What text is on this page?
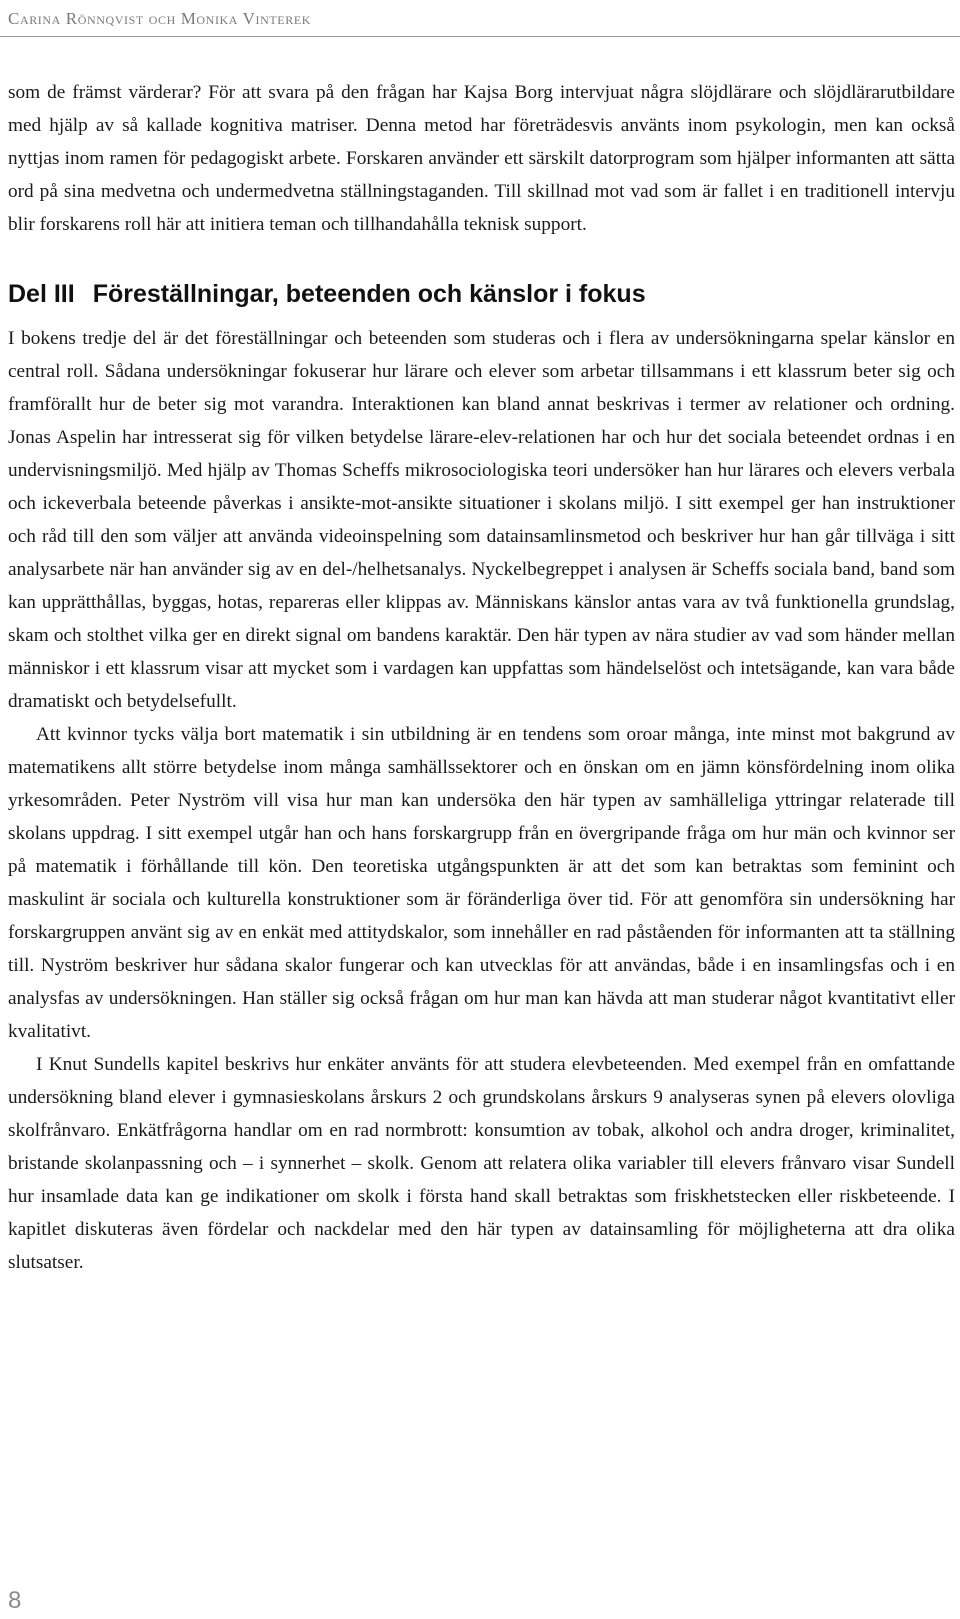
Carina Rönnqvist och Monika Vinterek

som de främst värderar? För att svara på den frågan har Kajsa Borg intervjuat några slöjdlärare och slöjdlärarutbildare med hjälp av så kallade kognitiva matriser. Denna metod har företrädesvis använts inom psykologin, men kan också nyttjas inom ramen för pedagogiskt arbete. Forskaren använder ett särskilt datorprogram som hjälper informanten att sätta ord på sina medvetna och undermedvetna ställningstaganden. Till skillnad mot vad som är fallet i en traditionell intervju blir forskarens roll här att initiera teman och tillhandahålla teknisk support.

Del III Föreställningar, beteenden och känslor i fokus

I bokens tredje del är det föreställningar och beteenden som studeras och i flera av undersökningarna spelar känslor en central roll. Sådana undersökningar fokuserar hur lärare och elever som arbetar tillsammans i ett klassrum beter sig och framförallt hur de beter sig mot varandra. Interaktionen kan bland annat beskrivas i termer av relationer och ordning. Jonas Aspelin har intresserat sig för vilken betydelse lärare-elev-relationen har och hur det sociala beteendet ordnas i en undervisningsmiljö. Med hjälp av Thomas Scheffs mikrosociologiska teori undersöker han hur lärares och elevers verbala och ickeverbala beteende påverkas i ansikte-mot-ansikte situationer i skolans miljö. I sitt exempel ger han instruktioner och råd till den som väljer att använda videoinspelning som datainsamlinsmetod och beskriver hur han går tillväga i sitt analysarbete när han använder sig av en del-/helhetsanalys. Nyckelbegreppet i analysen är Scheffs sociala band, band som kan upprätthållas, byggas, hotas, repareras eller klippas av. Människans känslor antas vara av två funktionella grundslag, skam och stolthet vilka ger en direkt signal om bandens karaktär. Den här typen av nära studier av vad som händer mellan människor i ett klassrum visar att mycket som i vardagen kan uppfattas som händelselöst och intetsägande, kan vara både dramatiskt och betydelsefullt.

Att kvinnor tycks välja bort matematik i sin utbildning är en tendens som oroar många, inte minst mot bakgrund av matematikens allt större betydelse inom många samhällssektorer och en önskan om en jämn könsfördelning inom olika yrkesområden. Peter Nyström vill visa hur man kan undersöka den här typen av samhälleliga yttringar relaterade till skolans uppdrag. I sitt exempel utgår han och hans forskargrupp från en övergripande fråga om hur män och kvinnor ser på matematik i förhållande till kön. Den teoretiska utgångspunkten är att det som kan betraktas som feminint och maskulint är sociala och kulturella konstruktioner som är föränderliga över tid. För att genomföra sin undersökning har forskargruppen använt sig av en enkät med attitydskalor, som innehåller en rad påståenden för informanten att ta ställning till. Nyström beskriver hur sådana skalor fungerar och kan utvecklas för att användas, både i en insamlingsfas och i en analysfas av undersökningen. Han ställer sig också frågan om hur man kan hävda att man studerar något kvantitativt eller kvalitativt.

I Knut Sundells kapitel beskrivs hur enkäter använts för att studera elevbeteenden. Med exempel från en omfattande undersökning bland elever i gymnasieskolans årskurs 2 och grundskolans årskurs 9 analyseras synen på elevers olovliga skolfrånvaro. Enkätfrågorna handlar om en rad normbrott: konsumtion av tobak, alkohol och andra droger, kriminalitet, bristande skolanpassning och – i synnerhet – skolk. Genom att relatera olika variabler till elevers frånvaro visar Sundell hur insamlade data kan ge indikationer om skolk i första hand skall betraktas som friskhetstecken eller riskbeteende. I kapitlet diskuteras även fördelar och nackdelar med den här typen av datainsamling för möjligheterna att dra olika slutsatser.

8
